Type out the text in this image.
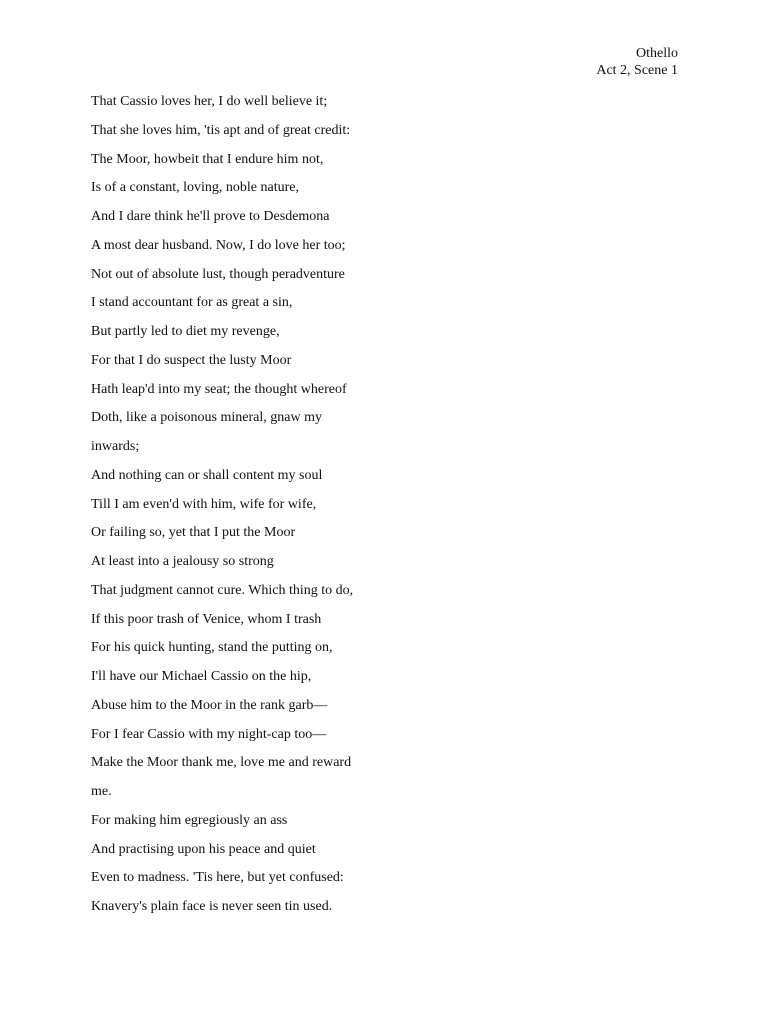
Othello
Act 2, Scene 1
That Cassio loves her, I do well believe it;
That she loves him, 'tis apt and of great credit:
The Moor, howbeit that I endure him not,
Is of a constant, loving, noble nature,
And I dare think he'll prove to Desdemona
A most dear husband. Now, I do love her too;
Not out of absolute lust, though peradventure
I stand accountant for as great a sin,
But partly led to diet my revenge,
For that I do suspect the lusty Moor
Hath leap'd into my seat; the thought whereof
Doth, like a poisonous mineral, gnaw my
inwards;
And nothing can or shall content my soul
Till I am even'd with him, wife for wife,
Or failing so, yet that I put the Moor
At least into a jealousy so strong
That judgment cannot cure. Which thing to do,
If this poor trash of Venice, whom I trash
For his quick hunting, stand the putting on,
I'll have our Michael Cassio on the hip,
Abuse him to the Moor in the rank garb—
For I fear Cassio with my night-cap too—
Make the Moor thank me, love me and reward
me.
For making him egregiously an ass
And practising upon his peace and quiet
Even to madness. 'Tis here, but yet confused:
Knavery's plain face is never seen tin used.
